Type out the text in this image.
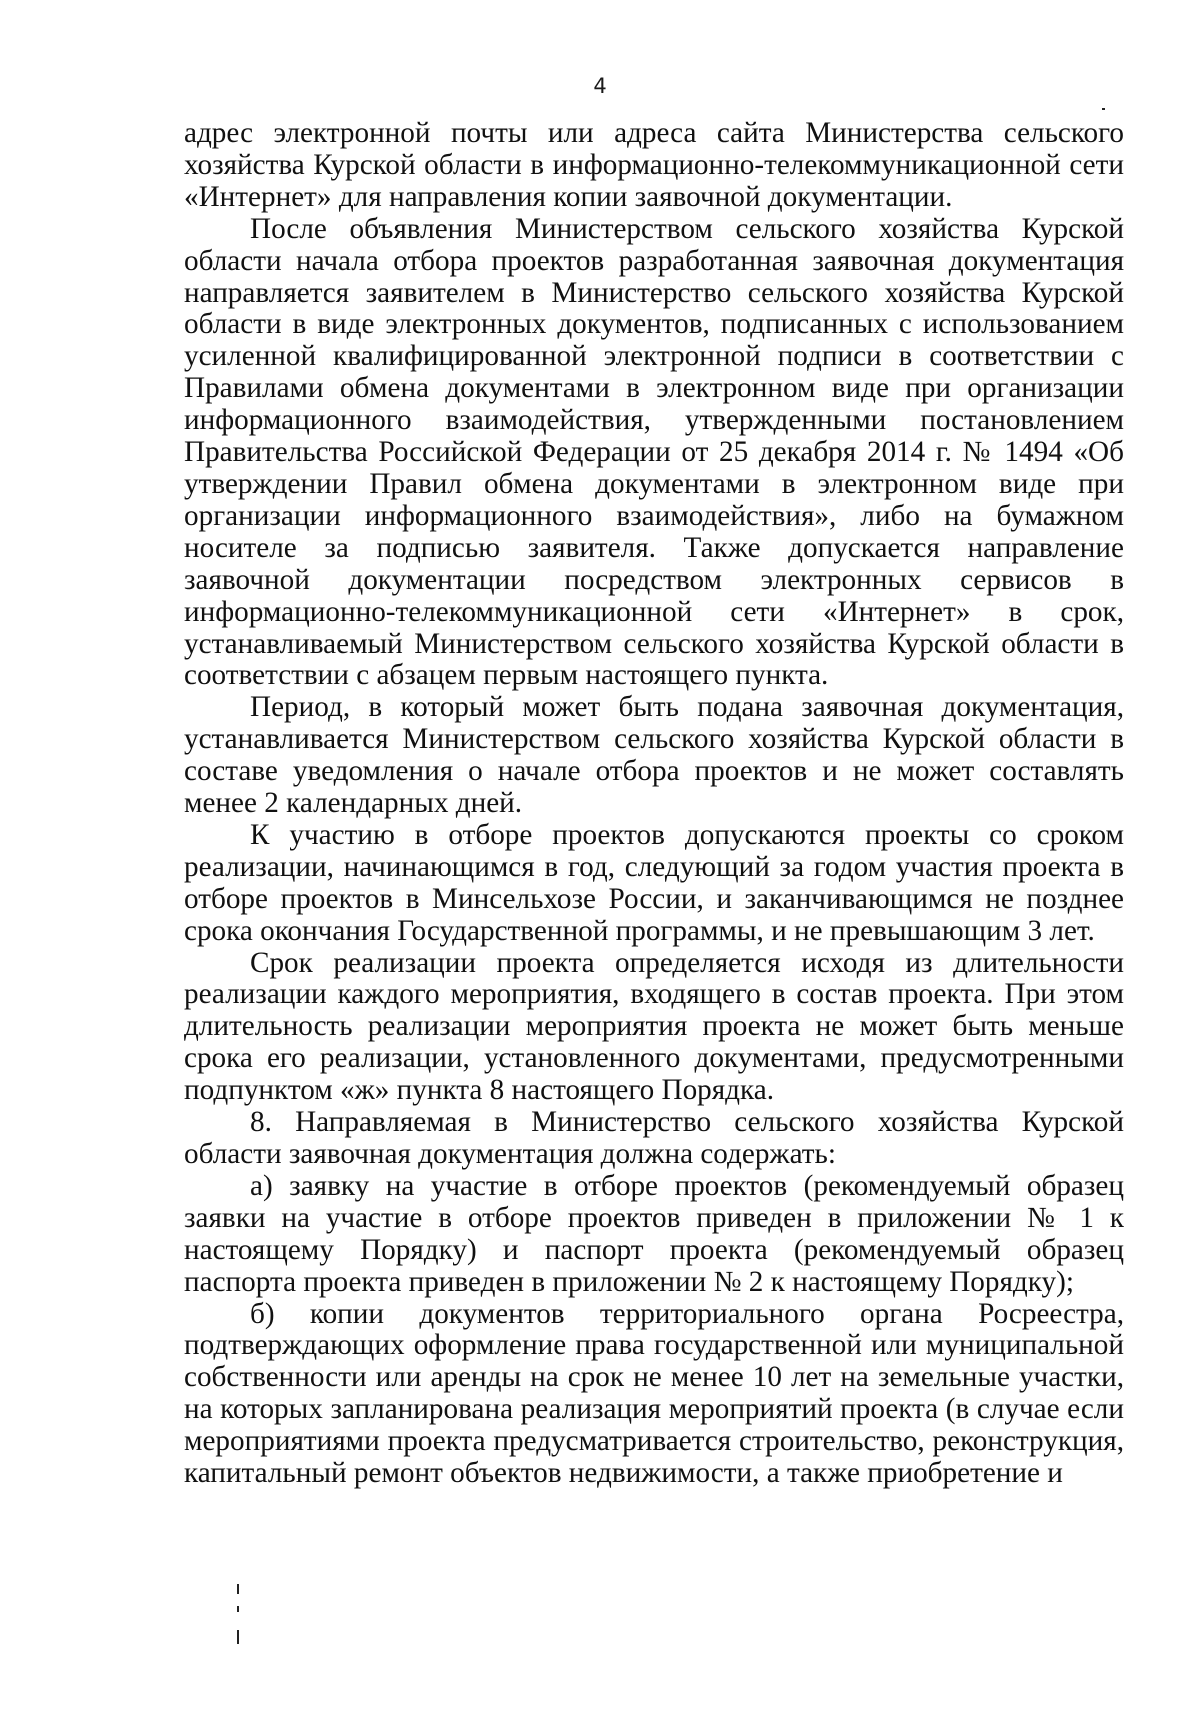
4

адрес электронной почты или адреса сайта Министерства сельского хозяйства Курской области в информационно-телекоммуникационной сети «Интернет» для направления копии заявочной документации.

После объявления Министерством сельского хозяйства Курской области начала отбора проектов разработанная заявочная документация направляется заявителем в Министерство сельского хозяйства Курской области в виде электронных документов, подписанных с использованием усиленной квалифицированной электронной подписи в соответствии с Правилами обмена документами в электронном виде при организации информационного взаимодействия, утвержденными постановлением Правительства Российской Федерации от 25 декабря 2014 г. № 1494 «Об утверждении Правил обмена документами в электронном виде при организации информационного взаимодействия», либо на бумажном носителе за подписью заявителя. Также допускается направление заявочной документации посредством электронных сервисов в информационно-телекоммуникационной сети «Интернет» в срок, устанавливаемый Министерством сельского хозяйства Курской области в соответствии с абзацем первым настоящего пункта.

Период, в который может быть подана заявочная документация, устанавливается Министерством сельского хозяйства Курской области в составе уведомления о начале отбора проектов и не может составлять менее 2 календарных дней.

К участию в отборе проектов допускаются проекты со сроком реализации, начинающимся в год, следующий за годом участия проекта в отборе проектов в Минсельхозе России, и заканчивающимся не позднее срока окончания Государственной программы, и не превышающим 3 лет.

Срок реализации проекта определяется исходя из длительности реализации каждого мероприятия, входящего в состав проекта. При этом длительность реализации мероприятия проекта не может быть меньше срока его реализации, установленного документами, предусмотренными подпунктом «ж» пункта 8 настоящего Порядка.

8. Направляемая в Министерство сельского хозяйства Курской области заявочная документация должна содержать:

а) заявку на участие в отборе проектов (рекомендуемый образец заявки на участие в отборе проектов приведен в приложении № 1 к настоящему Порядку) и паспорт проекта (рекомендуемый образец паспорта проекта приведен в приложении № 2 к настоящему Порядку);

б) копии документов территориального органа Росреестра, подтверждающих оформление права государственной или муниципальной собственности или аренды на срок не менее 10 лет на земельные участки, на которых запланирована реализация мероприятий проекта (в случае если мероприятиями проекта предусматривается строительство, реконструкция, капитальный ремонт объектов недвижимости, а также приобретение и
